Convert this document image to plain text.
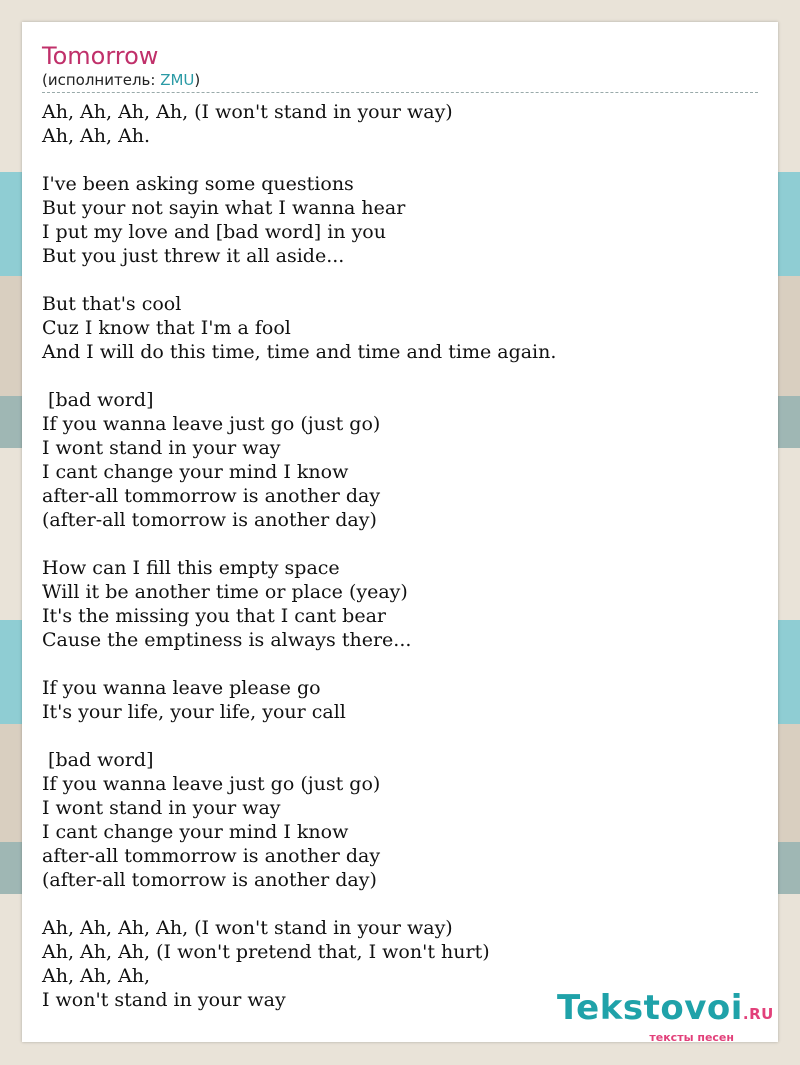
Tomorrow
(исполнитель: ZMU)
Ah, Ah, Ah, Ah, (I won't stand in your way)
Ah, Ah, Ah.
I've been asking some questions
But your not sayin what I wanna hear
I put my love and [bad word] in you
But you just threw it all aside...
But that's cool
Cuz I know that I'm a fool
And I will do this time, time and time and time again.
[bad word]
If you wanna leave just go (just go)
I wont stand in your way
I cant change your mind I know
after-all tommorrow is another day
(after-all tomorrow is another day)
How can I fill this empty space
Will it be another time or place (yeay)
It's the missing you that I cant bear
Cause the emptiness is always there...
If you wanna leave please go
It's your life, your life, your call
[bad word]
If you wanna leave just go (just go)
I wont stand in your way
I cant change your mind I know
after-all tommorrow is another day
(after-all tomorrow is another day)
Ah, Ah, Ah, Ah, (I won't stand in your way)
Ah, Ah, Ah, (I won't pretend that, I won't hurt)
Ah, Ah, Ah,
I won't stand in your way	Tekstovoi.RU
тексты песен
